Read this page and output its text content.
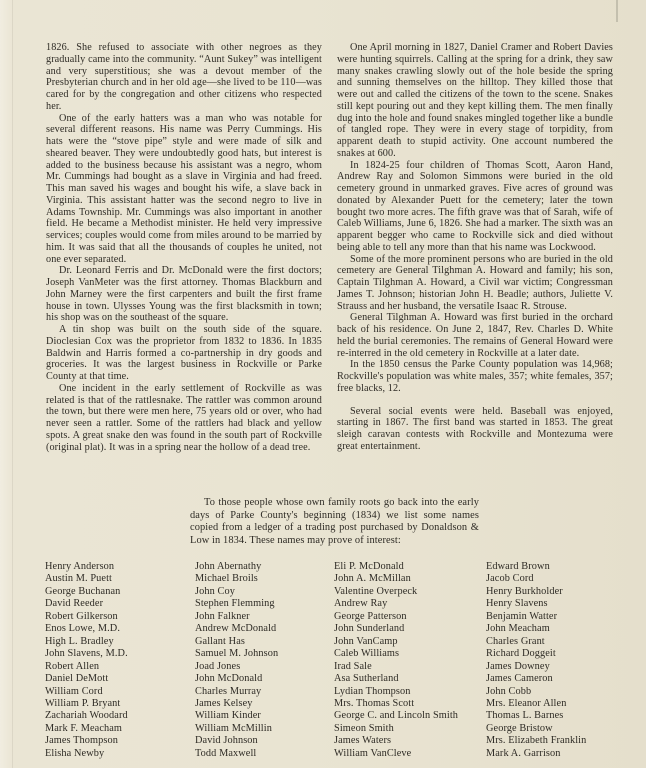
1826. She refused to associate with other negroes as they gradually came into the community. “Aunt Sukey” was intelligent and very superstitious; she was a devout member of the Presbyterian church and in her old age—she lived to be 110—was cared for by the congregation and other citizens who respected her.

One of the early hatters was a man who was notable for several different reasons. His name was Perry Cummings. His hats were the “stove pipe” style and were made of silk and sheared beaver. They were undoubtedly good hats, but interest is added to the business because his assistant was a negro, whom Mr. Cummings had bought as a slave in Virginia and had freed. This man saved his wages and bought his wife, a slave back in Virginia. This assistant hatter was the second negro to live in Adams Township. Mr. Cummings was also important in another field. He became a Methodist minister. He held very impressive services; couples would come from miles around to be married by him. It was said that all the thousands of couples he united, not one ever separated.

Dr. Leonard Ferris and Dr. McDonald were the first doctors; Joseph VanMeter was the first attorney. Thomas Blackburn and John Marney were the first carpenters and built the first frame house in town. Ulysses Young was the first blacksmith in town; his shop was on the southeast of the square.

A tin shop was built on the south side of the square. Dioclesian Cox was the proprietor from 1832 to 1836. In 1835 Baldwin and Harris formed a co-partnership in dry goods and groceries. It was the largest business in Rockville or Parke County at that time.

One incident in the early settlement of Rockville as was related is that of the rattlesnake. The rattler was common around the town, but there were men here, 75 years old or over, who had never seen a rattler. Some of the rattlers had black and yellow spots. A great snake den was found in the south part of Rockville (original plat). It was in a spring near the hollow of a dead tree.

One April morning in 1827, Daniel Cramer and Robert Davies were hunting squirrels. Calling at the spring for a drink, they saw many snakes crawling slowly out of the hole beside the spring and sunning themselves on the hilltop. They killed those that were out and called the citizens of the town to the scene. Snakes still kept pouring out and they kept killing them. The men finally dug into the hole and found snakes mingled together like a bundle of tangled rope. They were in every stage of torpidity, from apparent death to stupid activity. One account numbered the snakes at 600.

In 1824-25 four children of Thomas Scott, Aaron Hand, Andrew Ray and Solomon Simmons were buried in the old cemetery ground in unmarked graves. Five acres of ground was donated by Alexander Puett for the cemetery; later the town bought two more acres. The fifth grave was that of Sarah, wife of Caleb Williams, June 6, 1826. She had a marker. The sixth was an apparent begger who came to Rockville sick and died without being able to tell any more than that his name was Lockwood.

Some of the more prominent persons who are buried in the old cemetery are General Tilghman A. Howard and family; his son, Captain Tilghman A. Howard, a Civil war victim; Congressman James T. Johnson; historian John H. Beadle; authors, Juliette V. Strauss and her husband, the versatile Isaac R. Strouse.

General Tilghman A. Howard was first buried in the orchard back of his residence. On June 2, 1847, Rev. Charles D. White held the burial ceremonies. The remains of General Howard were re-interred in the old cemetery in Rockville at a later date.

In the 1850 census the Parke County population was 14,968; Rockville's population was white males, 357; white females, 357; free blacks, 12.

Several social events were held. Baseball was enjoyed, starting in 1867. The first band was started in 1853. The great sleigh caravan contests with Rockville and Montezuma were great entertainment.

To those people whose own family roots go back into the early days of Parke County's beginning (1834) we list some names copied from a ledger of a trading post purchased by Donaldson & Low in 1834. These names may prove of interest:

Henry Anderson
Austin M. Puett
George Buchanan
David Reeder
Robert Gilkerson
Enos Lowe, M.D.
High L. Bradley
John Slavens, M.D.
Robert Allen
Daniel DeMott
William Cord
William P. Bryant
Zachariah Woodard
Mark F. Meacham
James Thompson
Elisha Newby
John Abernathy
Michael Broils
John Coy
Stephen Flemming
John Falkner
Andrew McDonald
Gallant Has
Samuel M. Johnson
Joad Jones
John McDonald
Charles Murray
James Kelsey
William Kinder
William McMillin
David Johnson
Todd Maxwell
Eli P. McDonald
John A. McMillan
Valentine Overpeck
Andrew Ray
George Patterson
John Sunderland
John VanCamp
Caleb Williams
Irad Sale
Asa Sutherland
Lydian Thompson
Mrs. Thomas Scott
George C. and Lincoln Smith
Simeon Smith
James Waters
William VanCleve
Edward Brown
Jacob Cord
Henry Burkholder
Henry Slavens
Benjamin Watter
John Meacham
Charles Grant
Richard Doggeit
James Downey
James Cameron
John Cobb
Mrs. Eleanor Allen
Thomas L. Barnes
George Bristow
Mrs. Elizabeth Franklin
Mark A. Garrison
